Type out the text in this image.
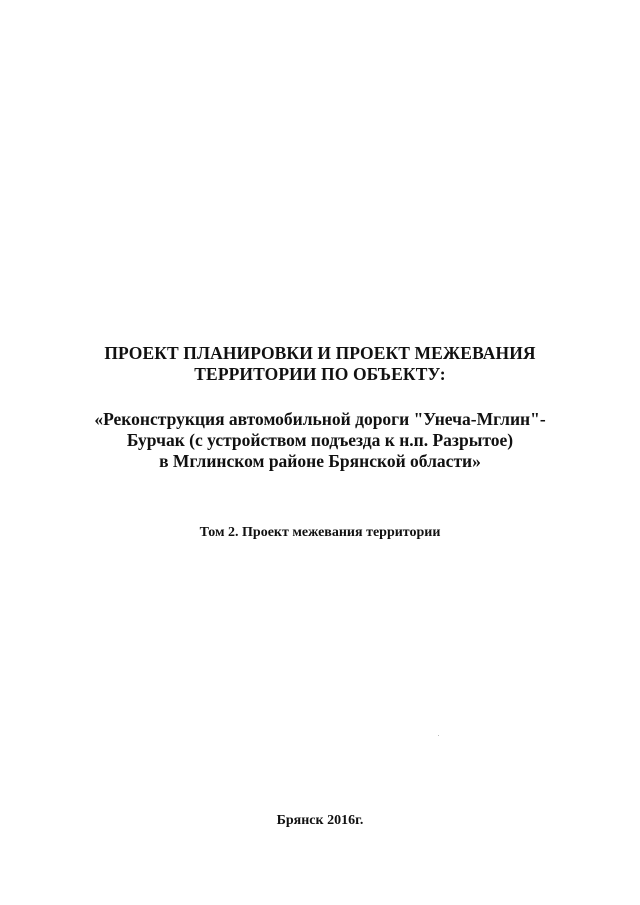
ПРОЕКТ ПЛАНИРОВКИ И ПРОЕКТ МЕЖЕВАНИЯ
ТЕРРИТОРИИ ПО ОБЪЕКТУ:
«Реконструкция автомобильной дороги "Унеча-Мглин"-
Бурчак (с устройством подъезда к н.п. Разрытое)
в Мглинском районе Брянской области»
Том 2. Проект межевания территории
Брянск 2016г.
